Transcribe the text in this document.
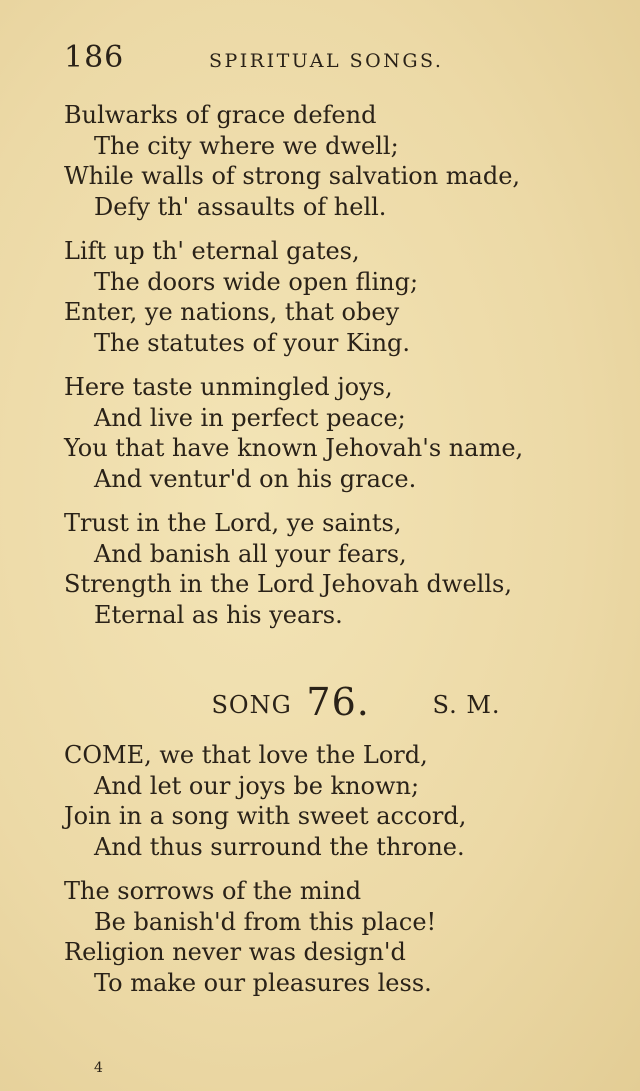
186	SPIRITUAL SONGS.
Bulwarks of grace defend
The city where we dwell;
While walls of strong salvation made,
Defy th' assaults of hell.
Lift up th' eternal gates,
The doors wide open fling;
Enter, ye nations, that obey
The statutes of your King.
Here taste unmingled joys,
And live in perfect peace;
You that have known Jehovah's name,
And ventur'd on his grace.
Trust in the Lord, ye saints,
And banish all your fears,
Strength in the Lord Jehovah dwells,
Eternal as his years.
SONG 76.	S. M.
COME, we that love the Lord,
And let our joys be known;
Join in a song with sweet accord,
And thus surround the throne.
The sorrows of the mind
Be banish'd from this place!
Religion never was design'd
To make our pleasures less.
4
